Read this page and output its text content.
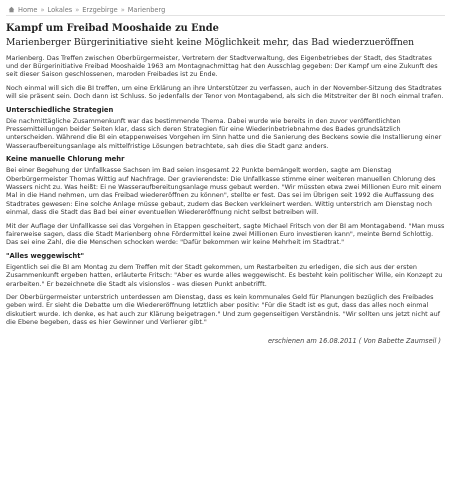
Home » Lokales » Erzgebirge » Marienberg
Kampf um Freibad Mooshaide zu Ende
Marienberger Bürgerinitiative sieht keine Möglichkeit mehr, das Bad wiederzueröffnen

Marienberg. Das Treffen zwischen Oberbürgermeister, Vertretern der Stadtverwaltung, des Eigenbetriebes der Stadt, des Stadtrates und der Bürgerinitiative Freibad Mooshaide 1963 am Montagnachmittag hat den Ausschlag gegeben: Der Kampf um eine Zukunft des seit dieser Saison geschlossenen, maroden Freibades ist zu Ende.

Noch einmal will sich die BI treffen, um eine Erklärung an ihre Unterstützer zu verfassen, auch in der November-Sitzung des Stadtrates will sie präsent sein. Doch dann ist Schluss. So jedenfalls der Tenor von Montagabend, als sich die Mitstreiter der BI noch einmal trafen.

Unterschiedliche Strategien

Die nachmittägliche Zusammenkunft war das bestimmende Thema. Dabei wurde wie bereits in den zuvor veröffentlichten Pressemitteilungen beider Seiten klar, dass sich deren Strategien für eine Wiederinbetriebnahme des Bades grundsätzlich unterscheiden. Während die BI ein etappenweises Vorgehen im Sinn hatte und die Sanierung des Beckens sowie die Installierung einer Wasseraufbereitungsanlage als mittelfristige Lösungen betrachtete, sah dies die Stadt ganz anders.

Keine manuelle Chlorung mehr

Bei einer Begehung der Unfallkasse Sachsen im Bad seien insgesamt 22 Punkte bemängelt worden, sagte am Dienstag Oberbürgermeister Thomas Wittig auf Nachfrage. Der gravierendste: Die Unfallkasse stimme einer weiteren manuellen Chlorung des Wassers nicht zu. Was heißt: Ei ne Wasseraufbereitungsanlage muss gebaut werden. "Wir müssten etwa zwei Millionen Euro mit einem Mal in die Hand nehmen, um das Freibad wiedereröffnen zu können", stellte er fest. Das sei im Übrigen seit 1992 die Auffassung des Stadtrates gewesen: Eine solche Anlage müsse gebaut, zudem das Becken verkleinert werden. Wittig unterstrich am Dienstag noch einmal, dass die Stadt das Bad bei einer eventuellen Wiedereröffnung nicht selbst betreiben will.

Mit der Auflage der Unfallkasse sei das Vorgehen in Etappen gescheitert, sagte Michael Fritsch von der BI am Montagabend. "Man muss fairerweise sagen, dass die Stadt Marienberg ohne Fördermittel keine zwei Millionen Euro investieren kann", meinte Bernd Schlottig. Das sei eine Zahl, die die Menschen schocken werde: "Dafür bekommen wir keine Mehrheit im Stadtrat."

"Alles weggewischt"

Eigentlich sei die BI am Montag zu dem Treffen mit der Stadt gekommen, um Restarbeiten zu erledigen, die sich aus der ersten Zusammenkunft ergeben hatten, erläuterte Fritsch: "Aber es wurde alles weggewischt. Es besteht kein politischer Wille, ein Konzept zu erarbeiten." Er bezeichnete die Stadt als visionslos - was diesen Punkt anbetrifft.

Der Oberbürgermeister unterstrich unterdessen am Dienstag, dass es kein kommunales Geld für Planungen bezüglich des Freibades geben wird. Er sieht die Debatte um die Wiedereröffnung letztlich aber positiv: "Für die Stadt ist es gut, dass das alles noch einmal diskutiert wurde. Ich denke, es hat auch zur Klärung beigetragen." Und zum gegenseitigen Verständnis. "Wir sollten uns jetzt nicht auf die Ebene begeben, dass es hier Gewinner und Verlierer gibt."

erschienen am 16.08.2011 ( Von Babette Zaumseil )
